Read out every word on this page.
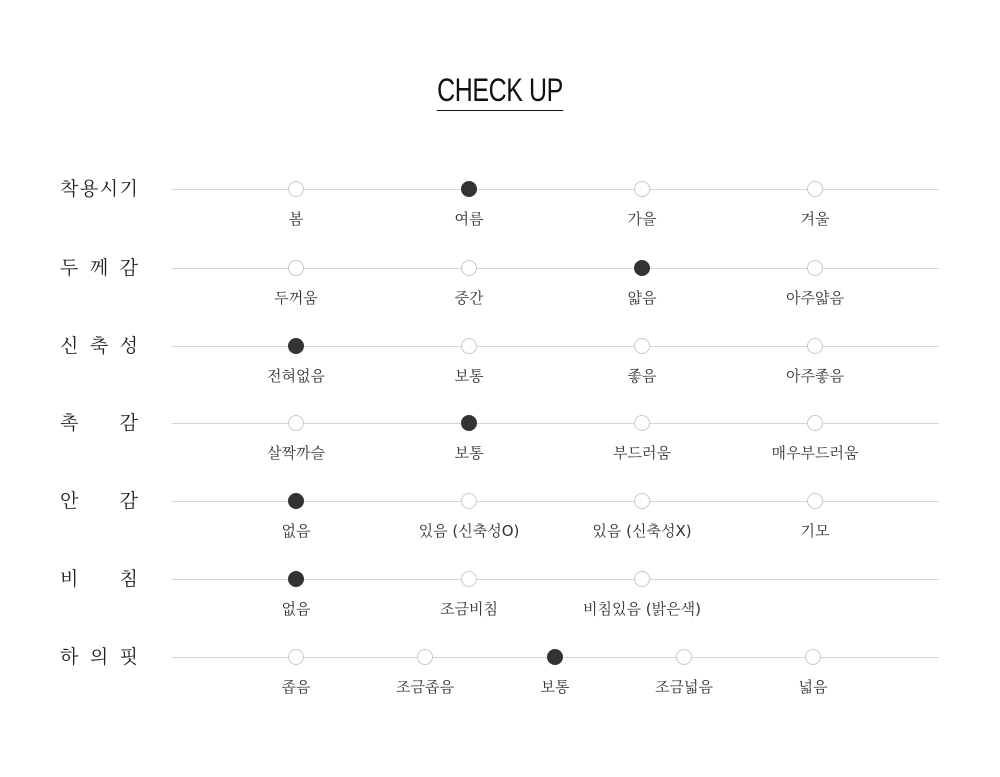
CHECK UP
착 용 시 기
봄	여름	가을	겨울
두 께 감
두꺼움	중간	얇음	아주얇음
신 축 성
전혀없음	보통	좋음	아주좋음
촉 감
살짝까슬	보통	부드러움	매우부드러움
안 감
없음	있음 (신축성O)	있음 (신축성X)	기모
비 침
없음	조금비침	비침있음 (밝은색)
하 의 핏
좁음	조금좁음	보통	조금넓음	넓음
